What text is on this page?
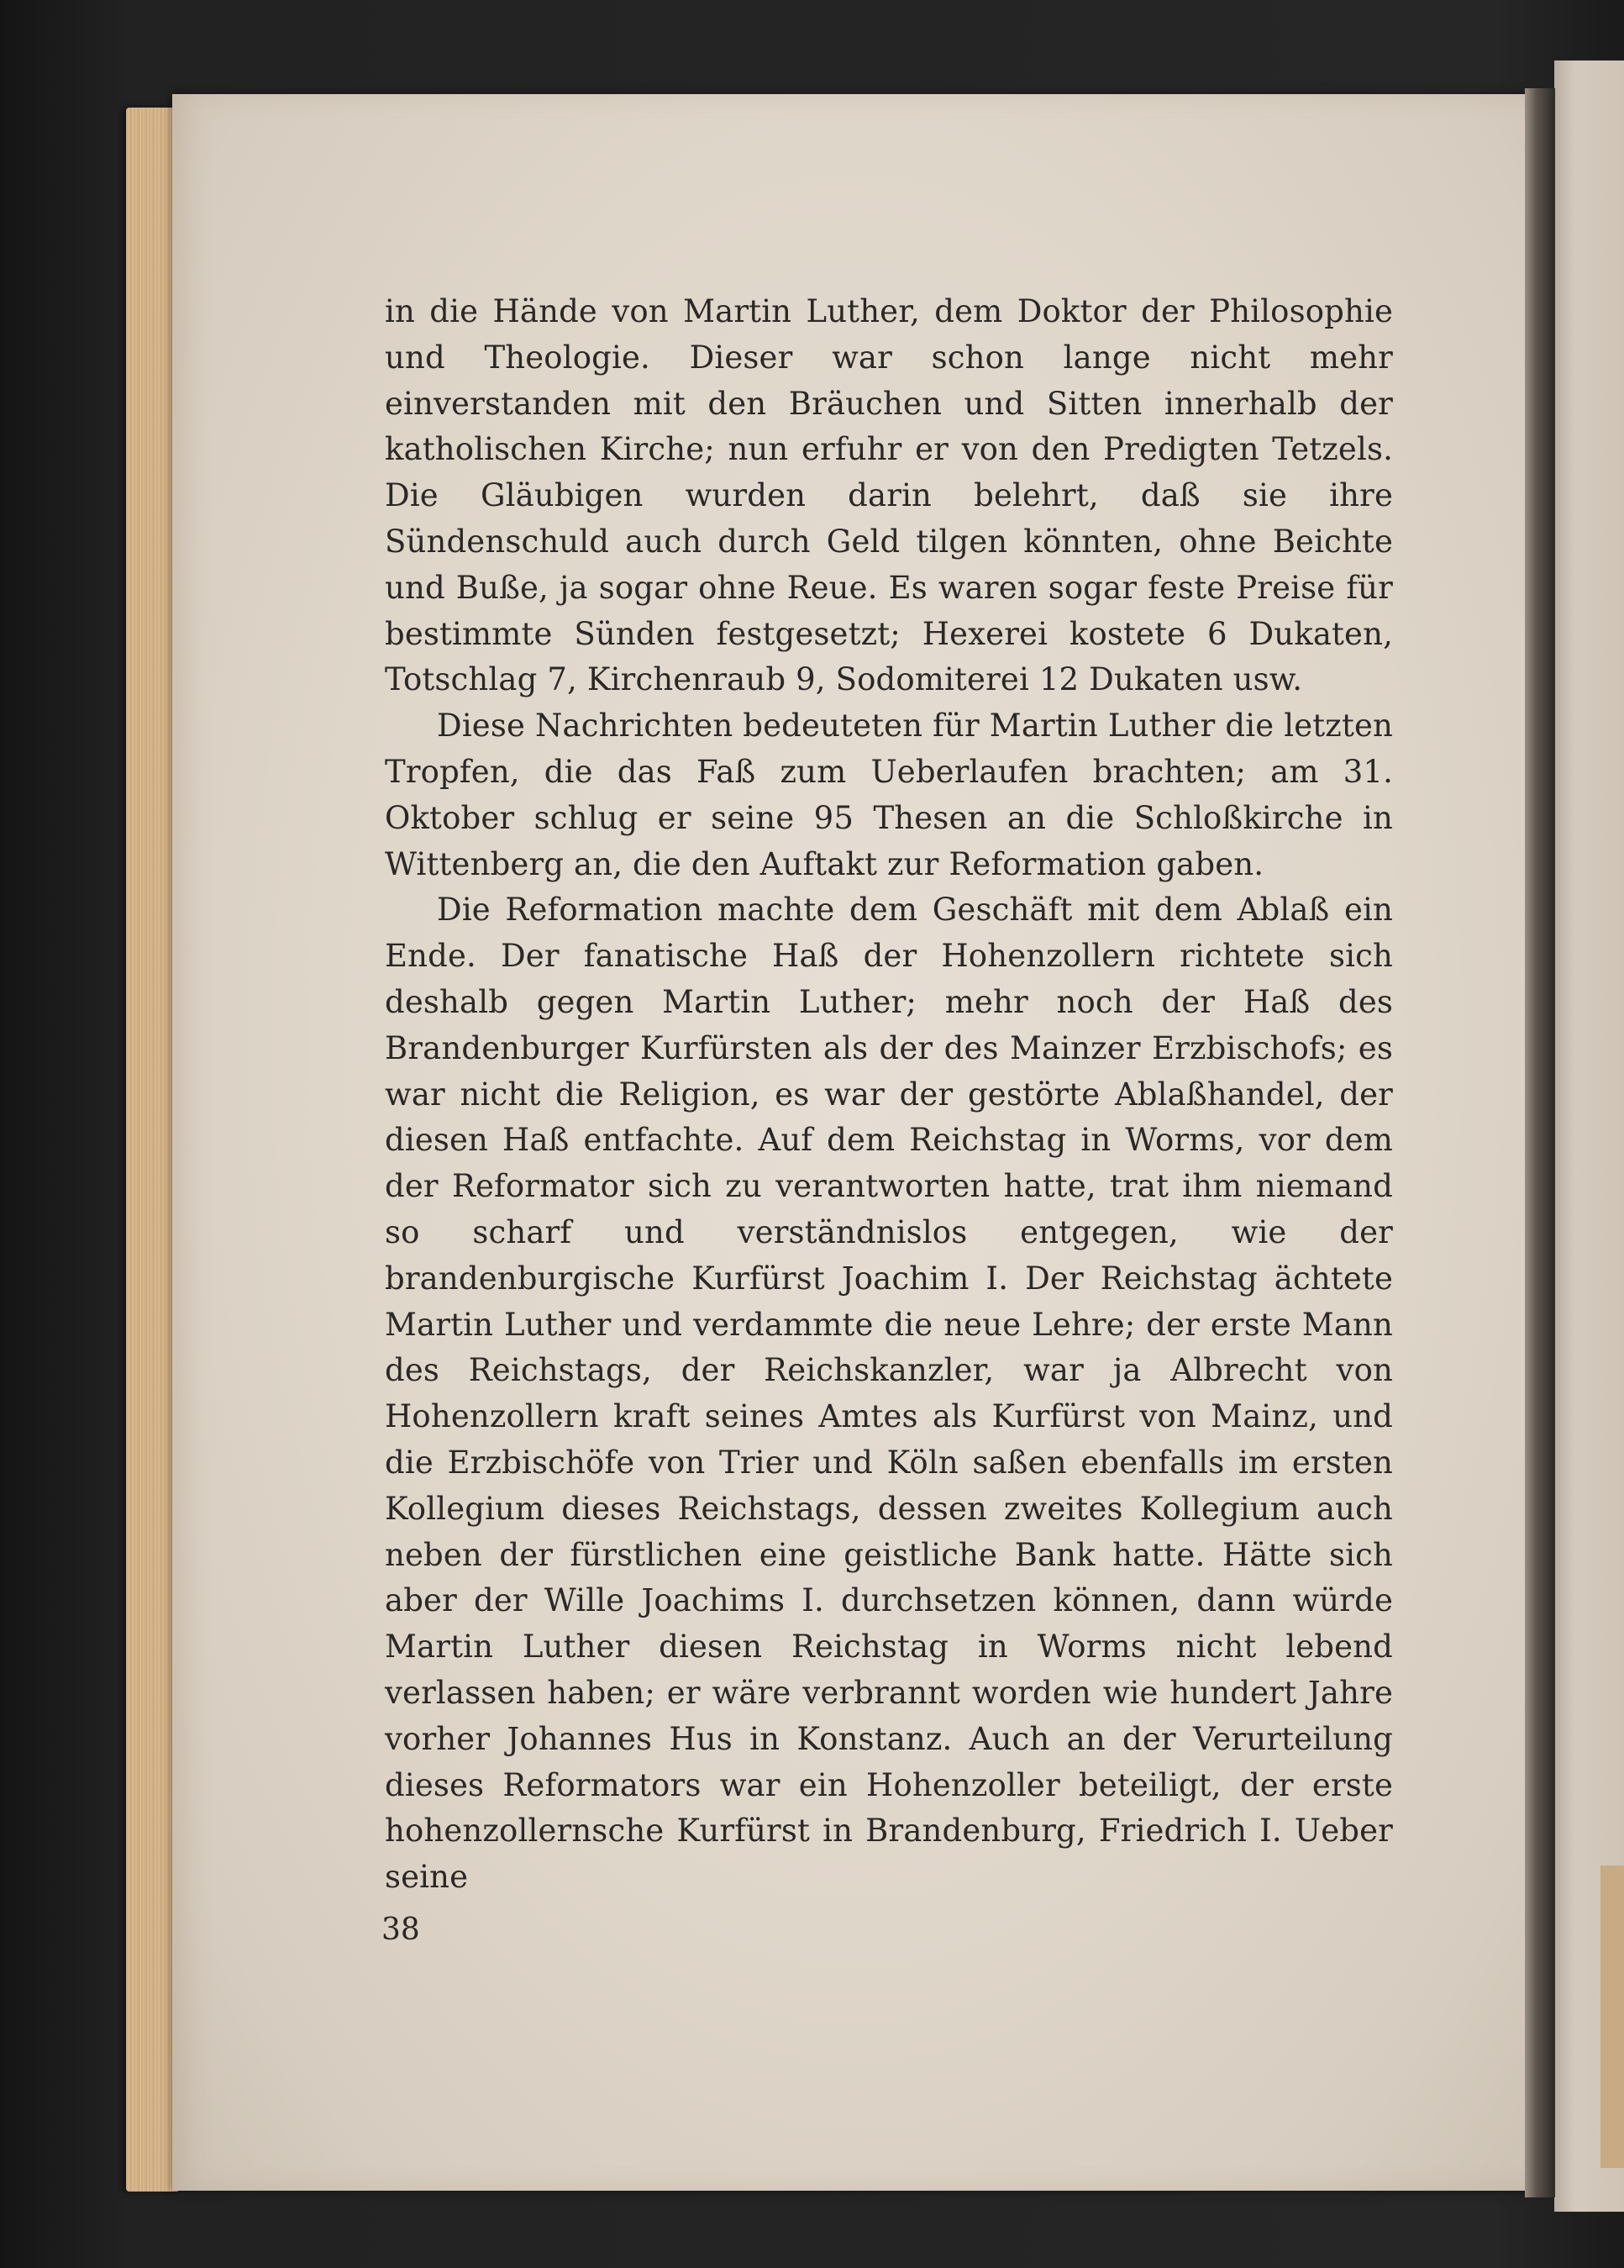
in die Hände von Martin Luther, dem Doktor der Philosophie und Theologie. Dieser war schon lange nicht mehr einverstanden mit den Bräuchen und Sitten innerhalb der katholischen Kirche; nun erfuhr er von den Predigten Tetzels. Die Gläubigen wurden darin belehrt, daß sie ihre Sündenschuld auch durch Geld tilgen könnten, ohne Beichte und Buße, ja sogar ohne Reue. Es waren sogar feste Preise für bestimmte Sünden festgesetzt; Hexerei kostete 6 Dukaten, Totschlag 7, Kirchenraub 9, Sodomiterei 12 Dukaten usw.

Diese Nachrichten bedeuteten für Martin Luther die letzten Tropfen, die das Faß zum Ueberlaufen brachten; am 31. Oktober schlug er seine 95 Thesen an die Schloßkirche in Wittenberg an, die den Auftakt zur Reformation gaben.

Die Reformation machte dem Geschäft mit dem Ablaß ein Ende. Der fanatische Haß der Hohenzollern richtete sich deshalb gegen Martin Luther; mehr noch der Haß des Brandenburger Kurfürsten als der des Mainzer Erzbischofs; es war nicht die Religion, es war der gestörte Ablaßhandel, der diesen Haß entfachte. Auf dem Reichstag in Worms, vor dem der Reformator sich zu verantworten hatte, trat ihm niemand so scharf und verständnislos entgegen, wie der brandenburgische Kurfürst Joachim I. Der Reichstag ächtete Martin Luther und verdammte die neue Lehre; der erste Mann des Reichstags, der Reichskanzler, war ja Albrecht von Hohenzollern kraft seines Amtes als Kurfürst von Mainz, und die Erzbischöfe von Trier und Köln saßen ebenfalls im ersten Kollegium dieses Reichstags, dessen zweites Kollegium auch neben der fürstlichen eine geistliche Bank hatte. Hätte sich aber der Wille Joachims I. durchsetzen können, dann würde Martin Luther diesen Reichstag in Worms nicht lebend verlassen haben; er wäre verbrannt worden wie hundert Jahre vorher Johannes Hus in Konstanz. Auch an der Verurteilung dieses Reformators war ein Hohenzoller beteiligt, der erste hohenzollernsche Kurfürst in Brandenburg, Friedrich I. Ueber seine

38
